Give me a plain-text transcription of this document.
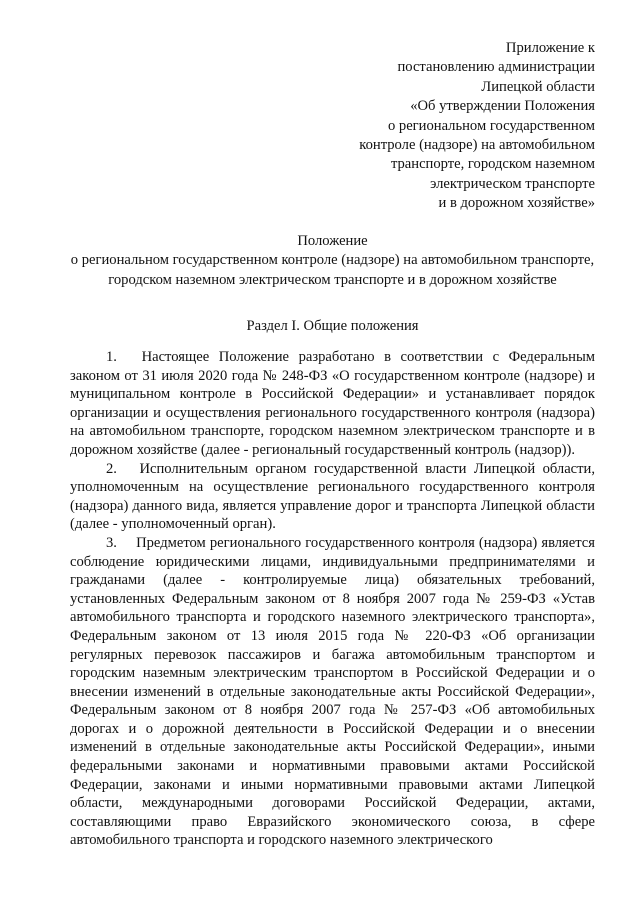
Приложение к
постановлению администрации
Липецкой области
«Об утверждении Положения
о региональном государственном
контроле (надзоре) на автомобильном
транспорте, городском наземном
электрическом транспорте
и в дорожном хозяйстве»
Положение
о региональном государственном контроле (надзоре) на автомобильном транспорте, городском наземном электрическом транспорте и в дорожном хозяйстве
Раздел I. Общие положения

1. Настоящее Положение разработано в соответствии с Федеральным законом от 31 июля 2020 года № 248-ФЗ «О государственном контроле (надзоре) и муниципальном контроле в Российской Федерации» и устанавливает порядок организации и осуществления регионального государственного контроля (надзора) на автомобильном транспорте, городском наземном электрическом транспорте и в дорожном хозяйстве (далее - региональный государственный контроль (надзор)).

2. Исполнительным органом государственной власти Липецкой области, уполномоченным на осуществление регионального государственного контроля (надзора) данного вида, является управление дорог и транспорта Липецкой области (далее - уполномоченный орган).

3. Предметом регионального государственного контроля (надзора) является соблюдение юридическими лицами, индивидуальными предпринимателями и гражданами (далее - контролируемые лица) обязательных требований, установленных Федеральным законом от 8 ноября 2007 года № 259-ФЗ «Устав автомобильного транспорта и городского наземного электрического транспорта», Федеральным законом от 13 июля 2015 года № 220-ФЗ «Об организации регулярных перевозок пассажиров и багажа автомобильным транспортом и городским наземным электрическим транспортом в Российской Федерации и о внесении изменений в отдельные законодательные акты Российской Федерации», Федеральным законом от 8 ноября 2007 года № 257-ФЗ «Об автомобильных дорогах и о дорожной деятельности в Российской Федерации и о внесении изменений в отдельные законодательные акты Российской Федерации», иными федеральными законами и нормативными правовыми актами Российской Федерации, законами и иными нормативными правовыми актами Липецкой области, международными договорами Российской Федерации, актами, составляющими право Евразийского экономического союза, в сфере автомобильного транспорта и городского наземного электрического
